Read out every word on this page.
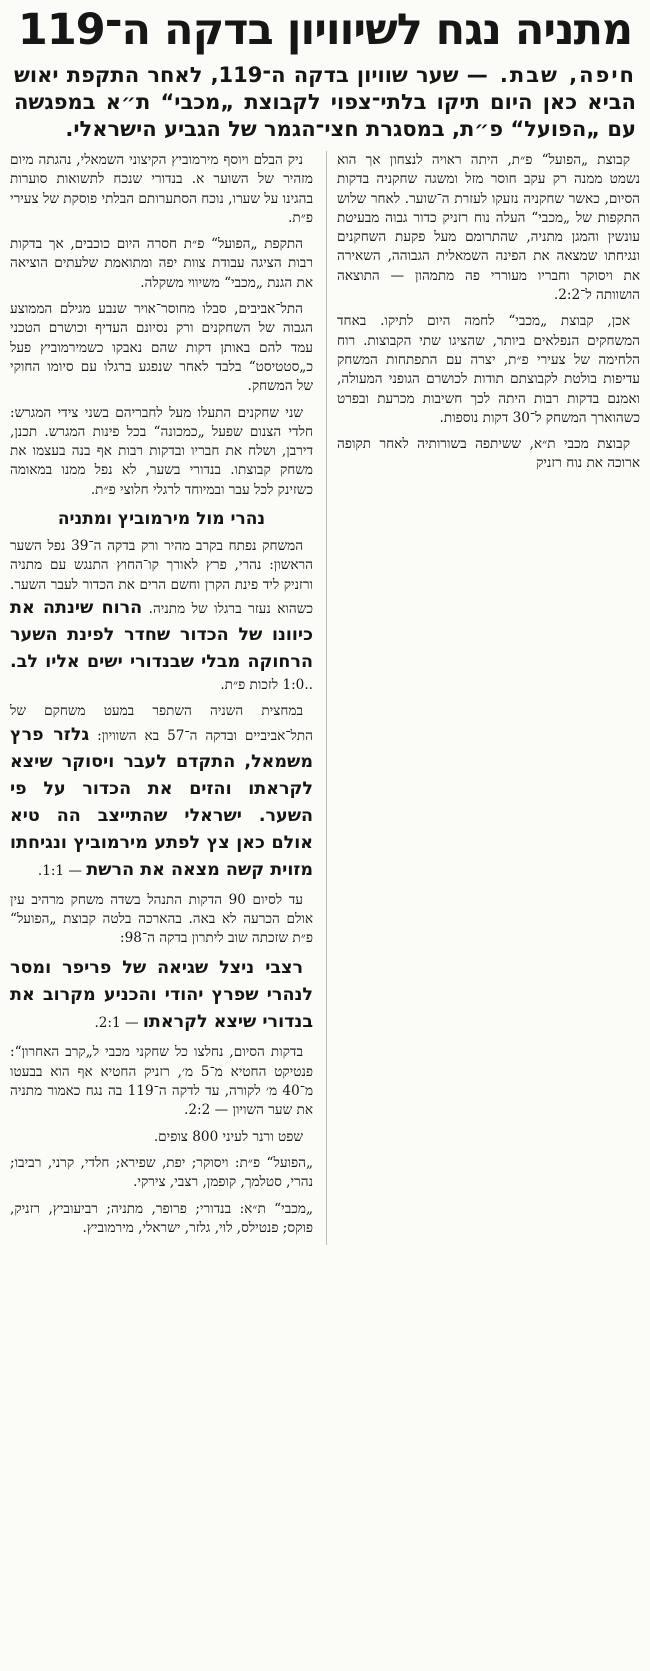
מתניה נגח לשיוויון בדקה ה־119

חיפה, שבת. — שער שוויון בדקה ה־119, לאחר התקפת יאוש הביא כאן היום תיקו בלתי־צפוי לקבוצת „מכבי“ ת״א במפגשה עם „הפועל“ פ״ת, במסגרת חצי־הגמר של הגביע הישראלי.

קבוצת „הפועל“ פ״ת, היתה ראויה לנצחון אך הוא נשמט ממנה רק עקב חוסר מזל ומשגה שחקניה בדקות הסיום, כאשר שחקניה נזעקו לעזרת ה־שוער. לאחר שלוש התקפות של „מכבי“ העלה נוח רזניק כדור גבוה מבעיטת עונשין והמגן מתניה, שהתרומם מעל פקעת השחקנים ונגיחתו שמצאה את הפינה השמאלית הגבוהה, השאירה את ויסוקר וחבריו מעוררי פה מתמהון — התוצאה הושוותה ל־2:2.

אכן, קבוצת „מכבי“ לחמה היום לתיקו. באחד המשחקים הנפלאים ביותר, שהציגו שתי הקבוצות. רוח הלחימה של צעירי פ״ת, יצרה עם התפתחות המשחק עדיפות בולטת לקבוצתם תודות לכושרם הגופני המעולה, ואמנם בדקות רבות היתה לכך חשיבות מכרעת ובפרט כשהוארך המשחק ל־30 דקות נוספות.

קבוצת מכבי ת״א, ששיתפה בשורותיה לאחר תקופה ארוכה את נוח רזניק

ניק הבלם ויוסף מירמוביץ הקיצוני השמאלי, נהגתה מיום מזהיר של השוער א. בנדורי שנכח לתשואות סוערות בהגינו על שערו, נוכח הסתערותם הבלתי פוסקת של צעירי פ״ת.

התקפת „הפועל“ פ״ת חסרה היום כוכבים, אך בדקות רבות הציגה עבודת צוות יפה ומתואמת שלעתים הוציאה את הגנת „מכבי“ משיווי משקלה.

התל־אביבים, סבלו מחוסר־אויר שנבע מגילם הממוצע הגבוה של השחקנים ורק נסיונם העדיף וכושרם הטכני עמד להם באותן דקות שהם נאבקו כשמירמוביץ פעל כ„סטטיסט“ בלבד לאחר שנפגע ברגלו עם סיומו החוקי של המשחק.

שני שחקנים התעלו מעל לחבריהם בשני צידי המגרש: חלדי הצנום שפעל „כמכונה“ בכל פינות המגרש. תכנן, דירבן, ושלח את חבריו ובדקות רבות אף בנה בעצמו את משחק קבוצתו. בנדורי בשער, לא נפל ממנו במאומה כשזינק לכל עבר ובמיוחד לרגלי חלוצי פ״ת.

נהרי מול מירמוביץ ומתניה

המשחק נפתח בקרב מהיר ורק בדקה ה־39 נפל השער הראשון: נהרי, פרץ לאורך קו־החוץ התנגש עם מתניה ורזניק ליד פינת הקרן וחשם הרים את הכדור לעבר השער. כשהוא נעזר ברגלו של מתניה. הרוח שינתה את כיוונו של הכדור שחדר לפינת השער הרחוקה מבלי שבנדורי ישים אליו לב. ..1:0 לזכות פ״ת.

במחצית השניה השתפר במעט משחקם של התל־אביביים ובדקה ה־57 בא השוויון: גלזר פרץ משמאל, התקדם לעבר ויסוקר שיצא לקראתו והזים את הכדור על פי השער. ישראלי שהתייצב הה טיא אולם כאן צץ לפתע מירמוביץ ונגיחתו מזוית קשה מצאה את הרשת — 1:1.

עד לסיום 90 הדקות התנהל בשדה משחק מרהיב עין אולם הכרעה לא באה. בהארכה בלטה קבוצת „הפועל“ פ״ת שזכתה שוב ליתרון בדקה ה־98:

רצבי ניצל שגיאה של פריפר ומסר לנהרי שפרץ יהודי והכניע מקרוב את בנדורי שיצא לקראתו — 2:1.

בדקות הסיום, נחלצו כל שחקני מכבי ל„קרב האחרון“: פנטיקט החטיא מ־5 מ׳, רזניק החטיא אף הוא בבעטו מ־40 מ׳ לקורה, עד לדקה ה־119 בה נגח כאמור מתניה את שער השויון — 2:2.

שפט ורנר לעיני 800 צופים.

„הפועל“ פ״ת: ויסוקר; יפת, שפירא; חלדי, קרני, רביבו; נהרי, סטלמך, קופמן, רצבי, צירקי.

„מכבי“ ת״א: בנדורי; פרופר, מתניה; רביעוביץ, רזניק, פוקס; פנטילס, לוי, גלזר, ישראלי, מירמוביץ.
